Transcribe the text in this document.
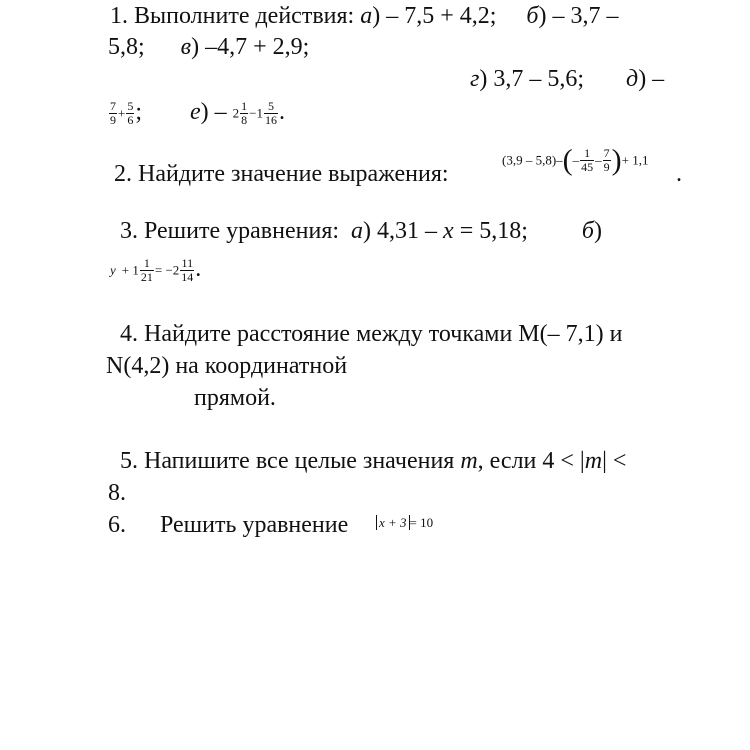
1. Выполните действия: а) – 7,5 + 4,2; б) – 3,7 –
5,8; в) –4,7 + 2,9;
г) 3,7 – 5,6; д) –
$\frac{7}{9} + \frac{5}{6}$ ; $е) - 2 \frac{1}{8} -1 \frac{5}{16}$ .
2. Найдите значение выражения:
$(3,9 - 5,8)-(- \frac{1}{45} - \frac{7}{9}$ )+ 1,1
.
3. Решите уравнения: а) 4,31 – x = 5,18; б)
$y + 1 \frac{1}{21} = -2 \frac{11}{14}$ .
4. Найдите расстояние между точками M(– 7,1) и
N(4,2) на координатной
прямой.
5. Напишите все целые значения m, если 4 < |m| <
8.
6. Решить уравнение x + 3 = 10
